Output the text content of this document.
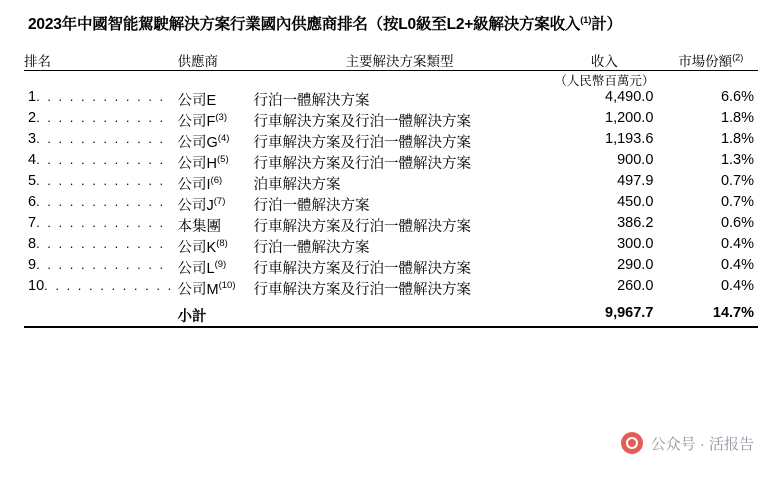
2023年中國智能駕駛解決方案行業國內供應商排名（按L0級至L2+級解決方案收入$^{(1)}$計）
排名	供應商	主要解決方案類型	收入	市場份額$^{(2)}$
			（人民幣百萬元）	
1. . . . . . . . . . . .	公司E	行泊一體解決方案	4,490.0	6.6%
2. . . . . . . . . . . .	公司$F^{(3)}$	行車解決方案及行泊一體解決方案	1,200.0	1.8%
3. . . . . . . . . . . .	公司$G^{(4)}$	行車解決方案及行泊一體解決方案	1,193.6	1.8%
4. . . . . . . . . . . .	公司$H^{(5)}$	行車解決方案及行泊一體解決方案	900.0	1.3%
5. . . . . . . . . . . .	公司$I^{(6)}$	泊車解決方案	497.9	0.7%
6. . . . . . . . . . . .	公司$J^{(7)}$	行泊一體解決方案	450.0	0.7%
7. . . . . . . . . . . .	本集團	行車解決方案及行泊一體解決方案	386.2	0.6%
8. . . . . . . . . . . .	公司$K^{(8)}$	行泊一體解決方案	300.0	0.4%
9. . . . . . . . . . . .	公司$L^{(9)}$	行車解決方案及行泊一體解決方案	290.0	0.4%
10. . . . . . . . . . . .	公司$M^{(10)}$	行車解決方案及行泊一體解決方案	260.0	0.4%

	小計		9,967.7	14.7%
公众号 · 活报告
